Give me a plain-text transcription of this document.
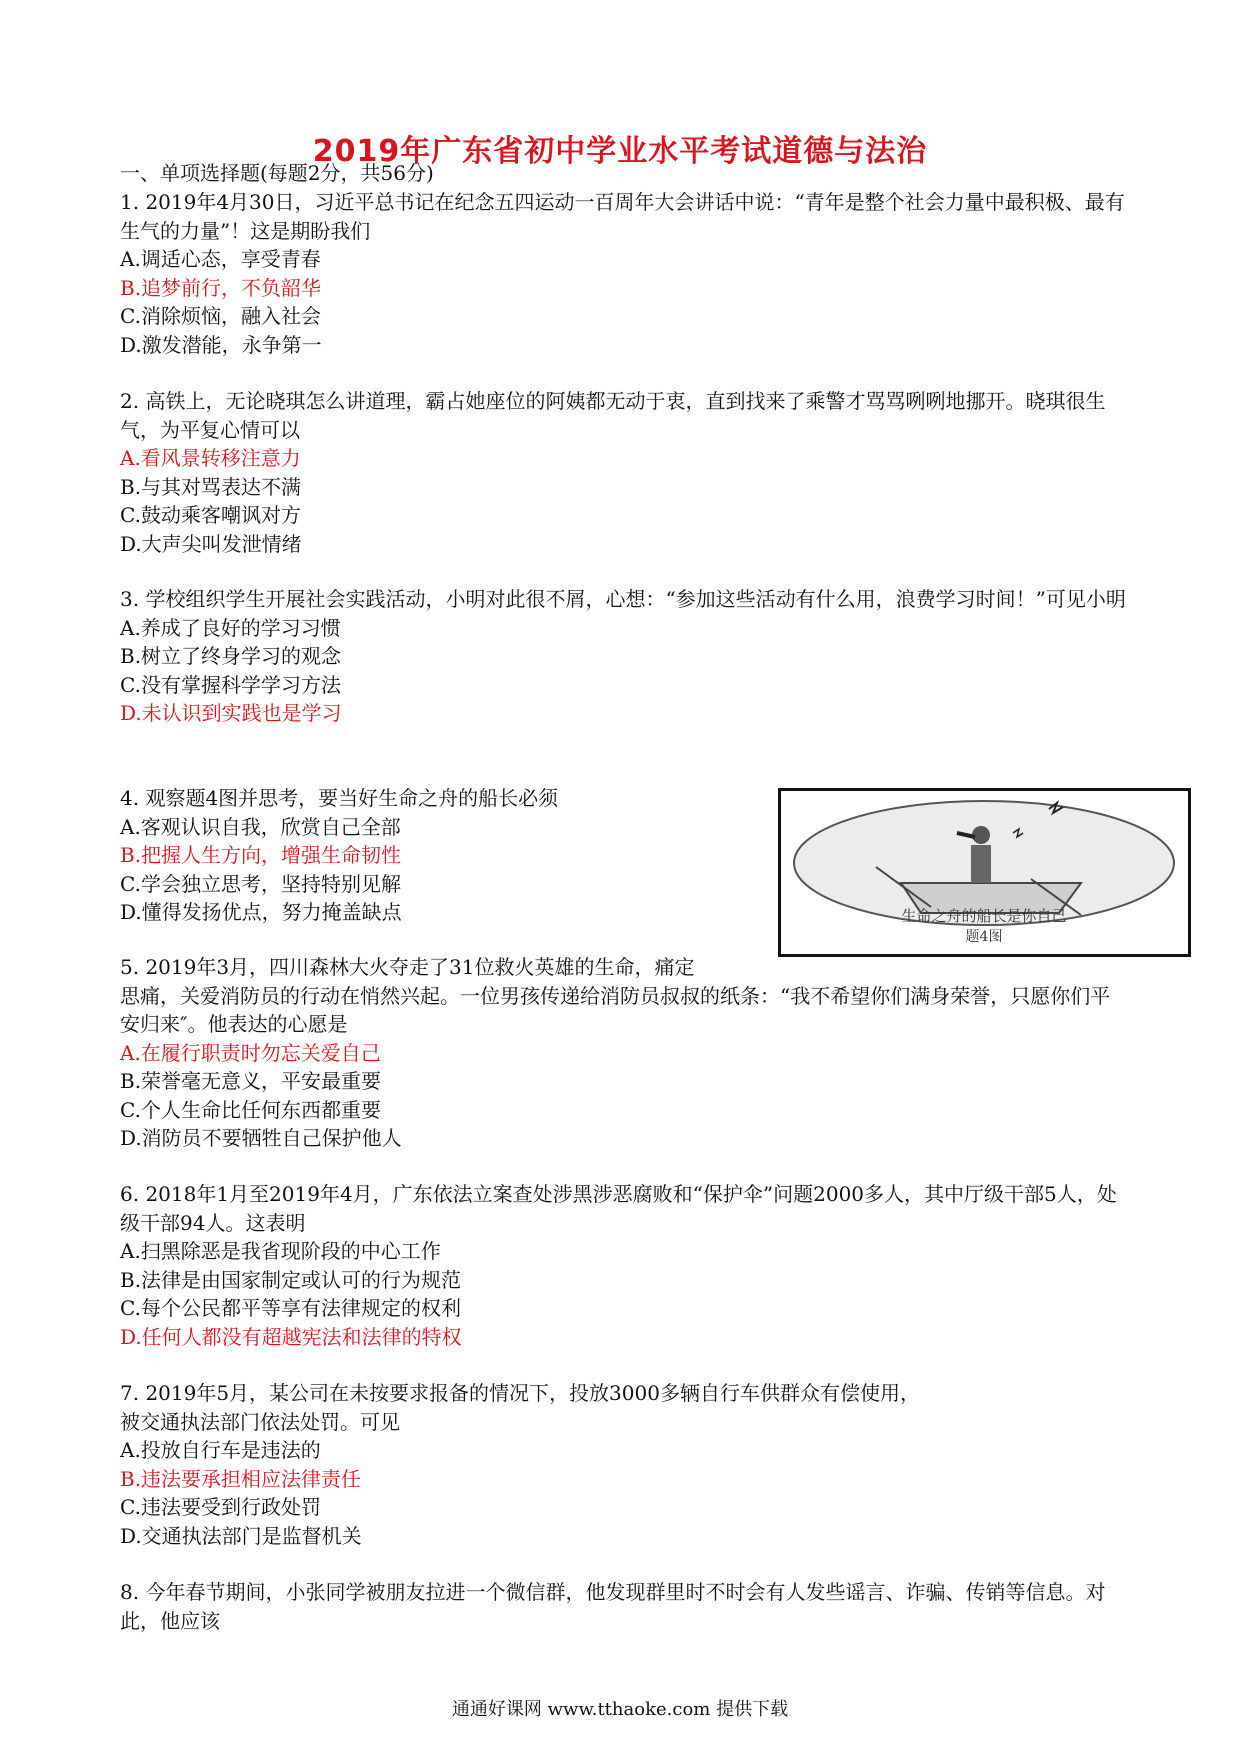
2019年广东省初中学业水平考试道德与法治
一、单项选择题(每题2分，共56分)
1. 2019年4月30日，习近平总书记在纪念五四运动一百周年大会讲话中说：“青年是整个社会力量中最积极、最有生气的力量”！这是期盼我们
A.调适心态，享受青春
B.追梦前行，不负韶华
C.消除烦恼，融入社会
D.激发潜能，永争第一
2. 高铁上，无论晓琪怎么讲道理，霸占她座位的阿姨都无动于衷，直到找来了乘警才骂骂咧咧地挪开。晓琪很生气，为平复心情可以
A.看风景转移注意力
B.与其对骂表达不满
C.鼓动乘客嘲讽对方
D.大声尖叫发泄情绪
3. 学校组织学生开展社会实践活动，小明对此很不屑，心想：“参加这些活动有什么用，浪费学习时间！”可见小明
A.养成了良好的学习习惯
B.树立了终身学习的观念
C.没有掌握科学学习方法
D.未认识到实践也是学习
4. 观察题4图并思考，要当好生命之舟的船长必须
A.客观认识自我，欣赏自己全部
B.把握人生方向，增强生命韧性
C.学会独立思考，坚持特别见解
D.懂得发扬优点，努力掩盖缺点	生命之舟的船长是你自己
题4图
5. 2019年3月，四川森林大火夺走了31位救火英雄的生命，痛定
思痛，关爱消防员的行动在悄然兴起。一位男孩传递给消防员叔叔的纸条：“我不希望你们满身荣誉，只愿你们平安归来″。他表达的心愿是
A.在履行职责时勿忘关爱自己
B.荣誉毫无意义，平安最重要
C.个人生命比任何东西都重要
D.消防员不要牺牲自己保护他人
6. 2018年1月至2019年4月，广东依法立案查处涉黑涉恶腐败和“保护伞”问题2000多人，其中厅级干部5人，处级干部94人。这表明
A.扫黑除恶是我省现阶段的中心工作
B.法律是由国家制定或认可的行为规范
C.每个公民都平等享有法律规定的权利
D.任何人都没有超越宪法和法律的特权
7. 2019年5月，某公司在未按要求报备的情况下，投放3000多辆自行车供群众有偿使用，
被交通执法部门依法处罚。可见
A.投放自行车是违法的
B.违法要承担相应法律责任
C.违法要受到行政处罚
D.交通执法部门是监督机关
8. 今年春节期间，小张同学被朋友拉进一个微信群，他发现群里时不时会有人发些谣言、诈骗、传销等信息。对此，他应该
通通好课网 www.tthaoke.com 提供下载
